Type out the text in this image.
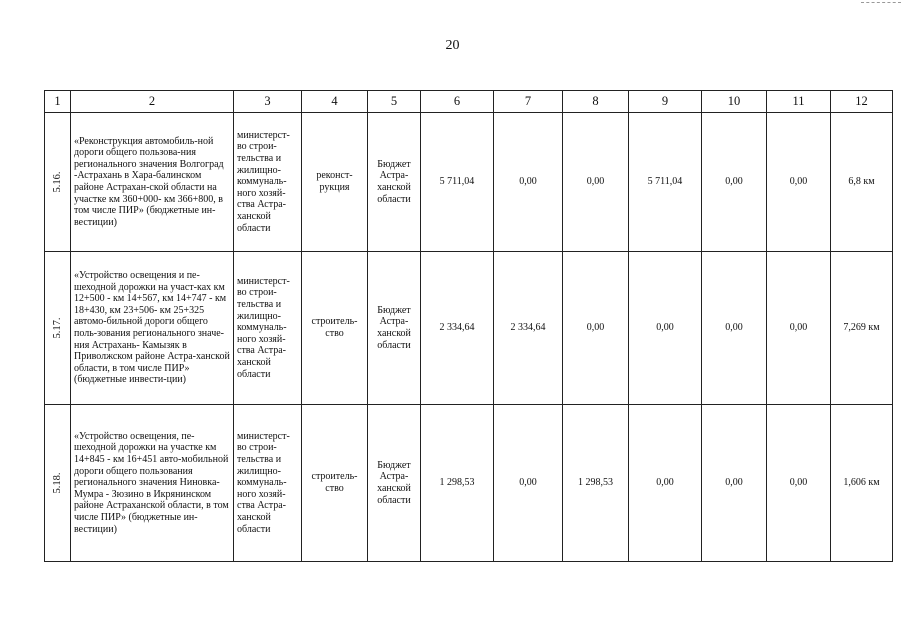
20
1	2	3	4	5	6	7	8	9	10	11	12

5.16.	«Реконструкция автомобиль-ной дороги общего пользова-ния регионального значения Волгоград -Астрахань в Хара-балинском районе Астрахан-ской области на участке км 360+000- км 366+800, в том числе ПИР» (бюджетные ин-вестиции)	министерст-во строи-тельства и жилищно-коммуналь-ного хозяй-ства Астра-ханской области	реконст-рукция	Бюджет Астра-ханской области	5 711,04	0,00	0,00	5 711,04	0,00	0,00	6,8 км

5.17.	«Устройство освещения и пе-шеходной дорожки на участ-ках км 12+500 - км 14+567, км 14+747 - км 18+430, км 23+506- км 25+325 автомо-бильной дороги общего поль-зования регионального значе-ния Астрахань- Камызяк в Приволжском районе Астра-ханской области, в том числе ПИР» (бюджетные инвести-ции)	министерст-во строи-тельства и жилищно-коммуналь-ного хозяй-ства Астра-ханской области	строитель-ство	Бюджет Астра-ханской области	2 334,64	2 334,64	0,00	0,00	0,00	0,00	7,269 км

5.18.	«Устройство освещения, пе-шеходной дорожки на участке км 14+845 - км 16+451 авто-мобильной дороги общего пользования регионального значения Ниновка-Мумра - Зюзино в Икрянинском районе Астраханской области, в том числе ПИР» (бюджетные ин-вестиции)	министерст-во строи-тельства и жилищно-коммуналь-ного хозяй-ства Астра-ханской области	строитель-ство	Бюджет Астра-ханской области	1 298,53	0,00	1 298,53	0,00	0,00	0,00	1,606 км
